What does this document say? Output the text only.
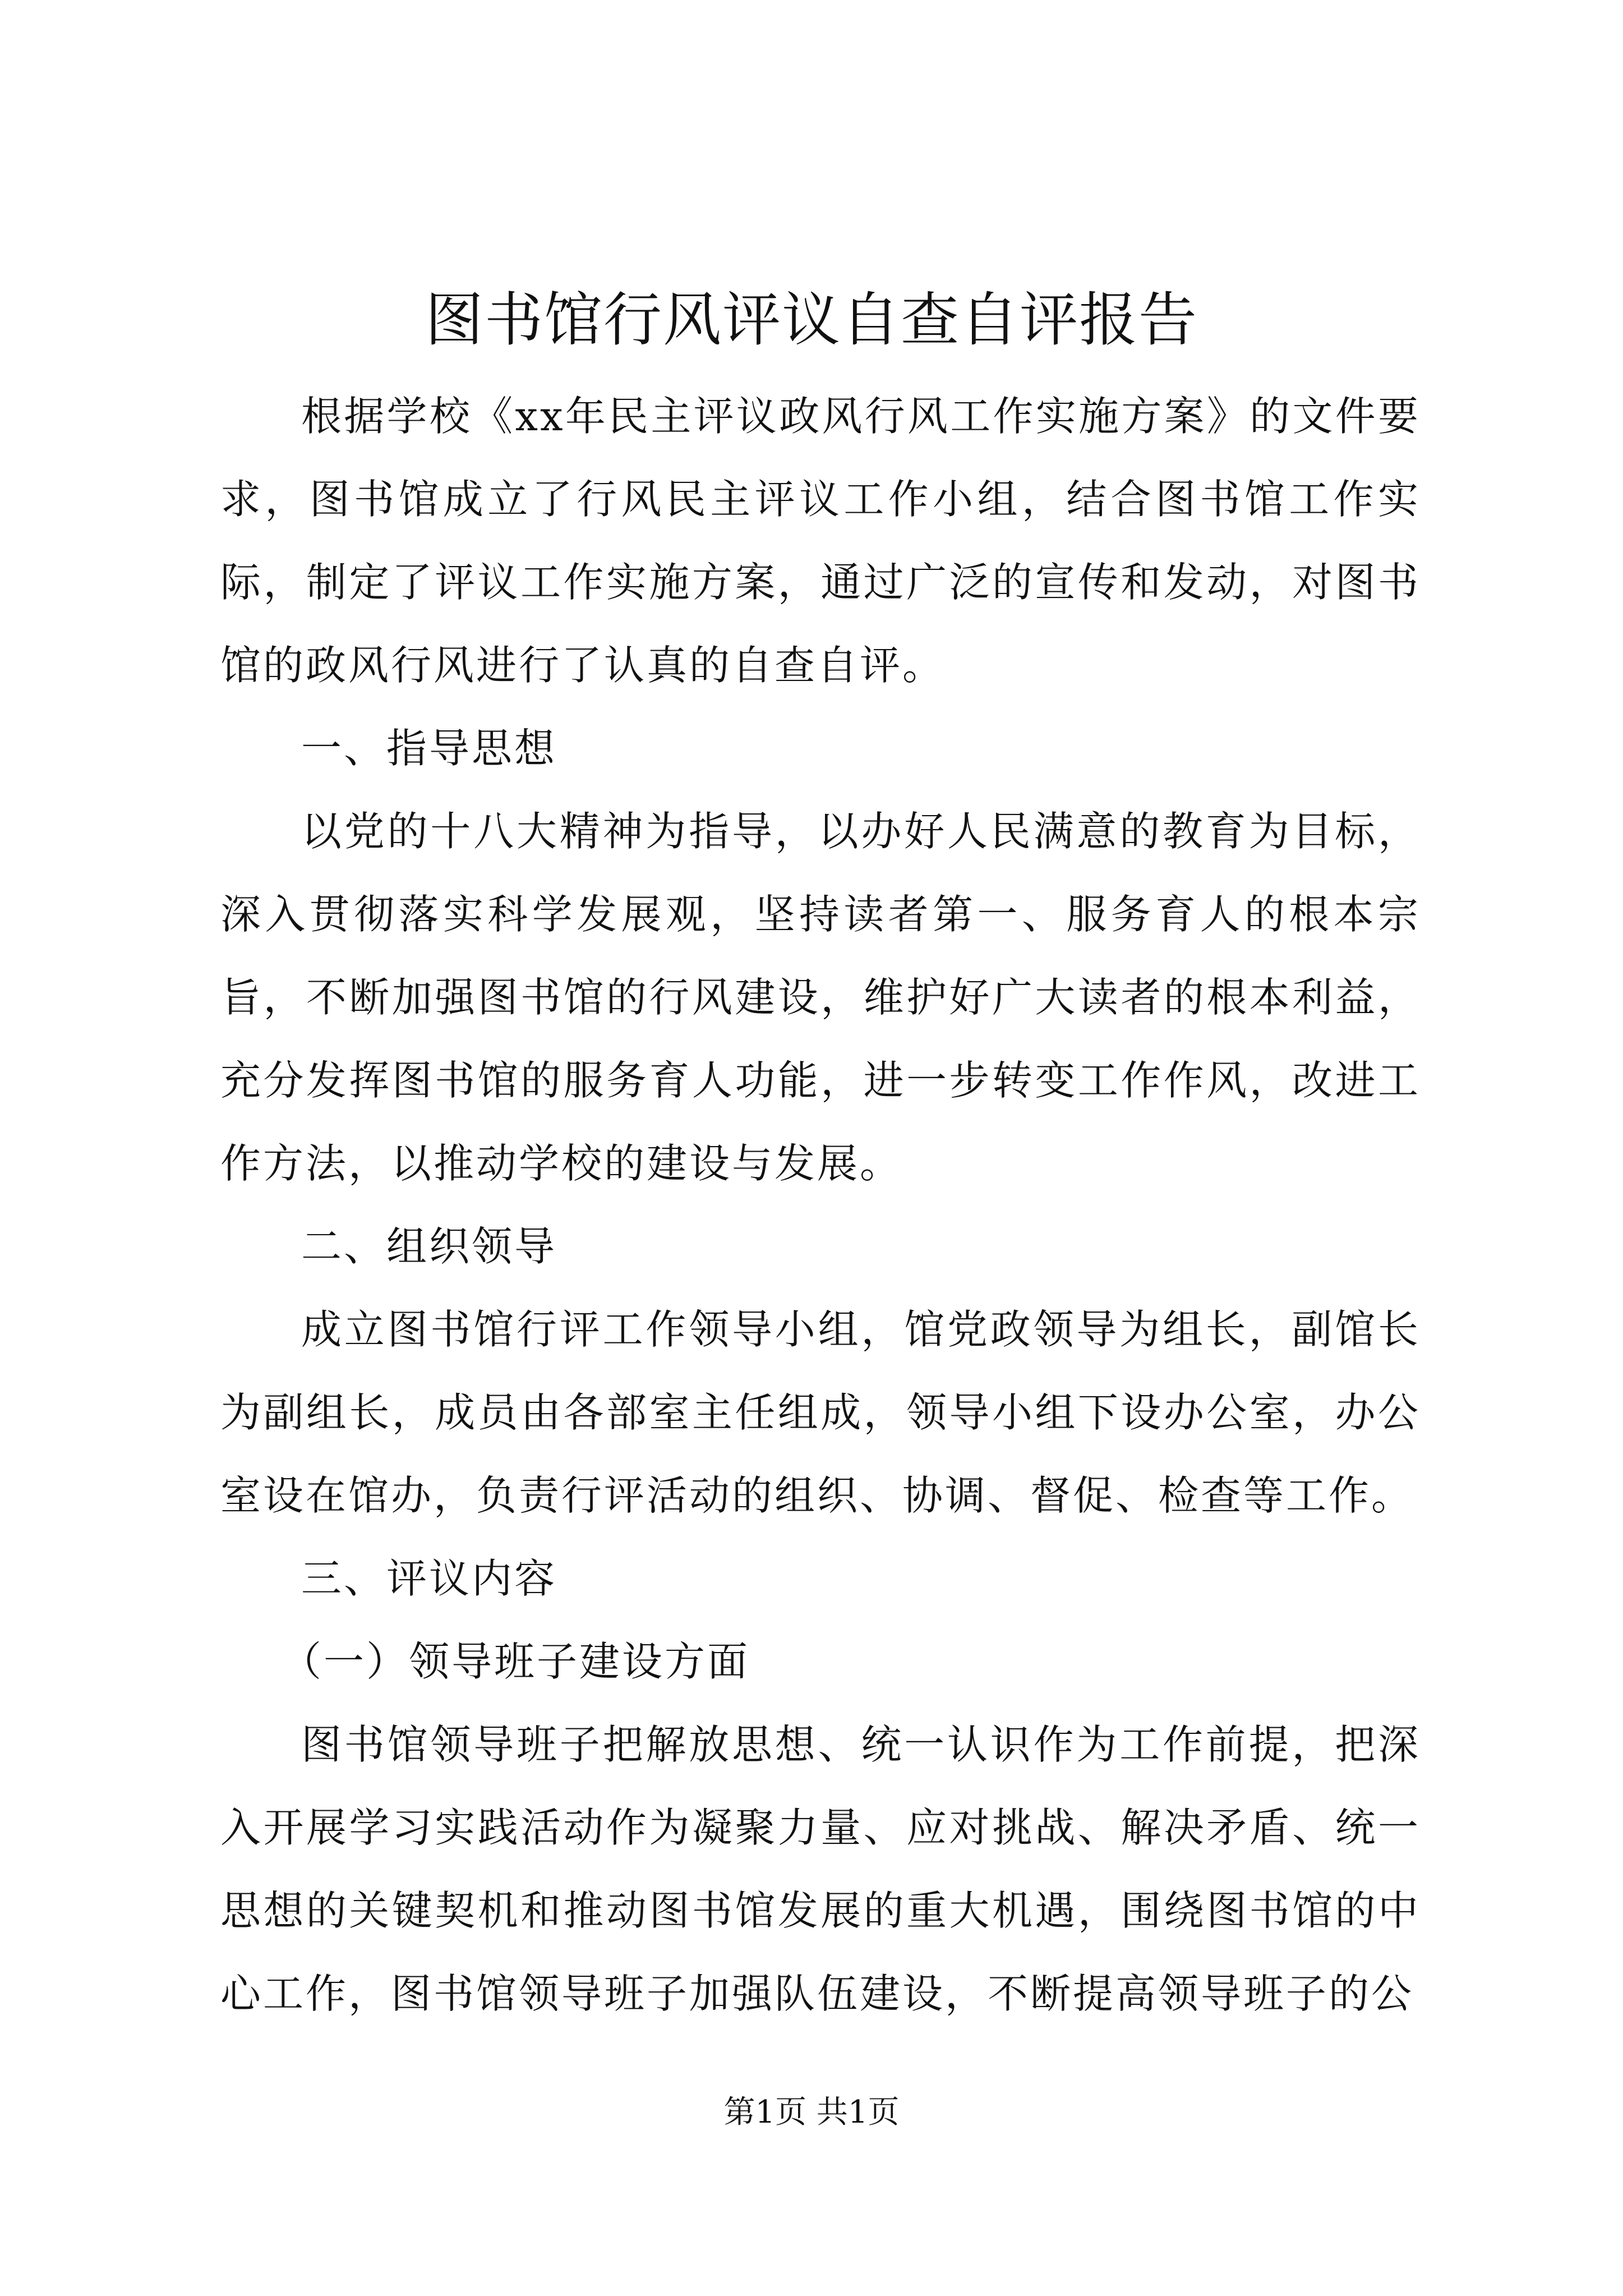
图书馆行风评议自查自评报告

根据学校《xx年民主评议政风行风工作实施方案》的文件要求，图书馆成立了行风民主评议工作小组，结合图书馆工作实际，制定了评议工作实施方案，通过广泛的宣传和发动，对图书馆的政风行风进行了认真的自查自评。

一、指导思想

以党的十八大精神为指导，以办好人民满意的教育为目标，深入贯彻落实科学发展观，坚持读者第一、服务育人的根本宗旨，不断加强图书馆的行风建设，维护好广大读者的根本利益，充分发挥图书馆的服务育人功能，进一步转变工作作风，改进工作方法，以推动学校的建设与发展。

二、组织领导

成立图书馆行评工作领导小组，馆党政领导为组长，副馆长为副组长，成员由各部室主任组成，领导小组下设办公室，办公室设在馆办，负责行评活动的组织、协调、督促、检查等工作。

三、评议内容

（一）领导班子建设方面

图书馆领导班子把解放思想、统一认识作为工作前提，把深入开展学习实践活动作为凝聚力量、应对挑战、解决矛盾、统一思想的关键契机和推动图书馆发展的重大机遇，围绕图书馆的中心工作，图书馆领导班子加强队伍建设，不断提高领导班子的公

第1页 共1页
